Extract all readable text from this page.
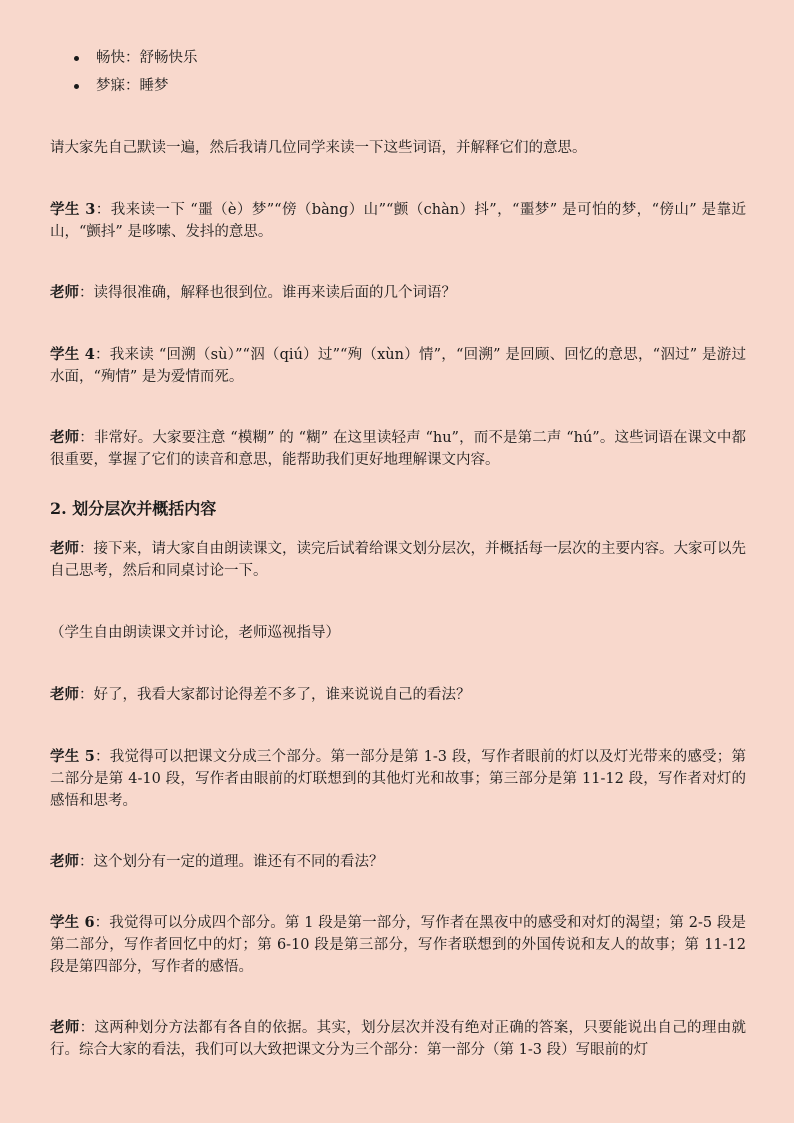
畅快：舒畅快乐
梦寐：睡梦

请大家先自己默读一遍，然后我请几位同学来读一下这些词语，并解释它们的意思。

学生 3：我来读一下 “噩（è）梦”“傍（bàng）山”“颤（chàn）抖”，“噩梦” 是可怕的梦，“傍山” 是靠近山，“颤抖” 是哆嗦、发抖的意思。

老师：读得很准确，解释也很到位。谁再来读后面的几个词语？

学生 4：我来读 “回溯（sù）”“泅（qiú）过”“殉（xùn）情”，“回溯” 是回顾、回忆的意思，“泅过” 是游过水面，“殉情” 是为爱情而死。

老师：非常好。大家要注意 “模糊” 的 “糊” 在这里读轻声 “hu”，而不是第二声 “hú”。这些词语在课文中都很重要，掌握了它们的读音和意思，能帮助我们更好地理解课文内容。

2. 划分层次并概括内容

老师：接下来，请大家自由朗读课文，读完后试着给课文划分层次，并概括每一层次的主要内容。大家可以先自己思考，然后和同桌讨论一下。

（学生自由朗读课文并讨论，老师巡视指导）

老师：好了，我看大家都讨论得差不多了，谁来说说自己的看法？

学生 5：我觉得可以把课文分成三个部分。第一部分是第 1-3 段，写作者眼前的灯以及灯光带来的感受；第二部分是第 4-10 段，写作者由眼前的灯联想到的其他灯光和故事；第三部分是第 11-12 段，写作者对灯的感悟和思考。

老师：这个划分有一定的道理。谁还有不同的看法？

学生 6：我觉得可以分成四个部分。第 1 段是第一部分，写作者在黑夜中的感受和对灯的渴望；第 2-5 段是第二部分，写作者回忆中的灯；第 6-10 段是第三部分，写作者联想到的外国传说和友人的故事；第 11-12 段是第四部分，写作者的感悟。

老师：这两种划分方法都有各自的依据。其实，划分层次并没有绝对正确的答案，只要能说出自己的理由就行。综合大家的看法，我们可以大致把课文分为三个部分：第一部分（第 1-3 段）写眼前的灯
